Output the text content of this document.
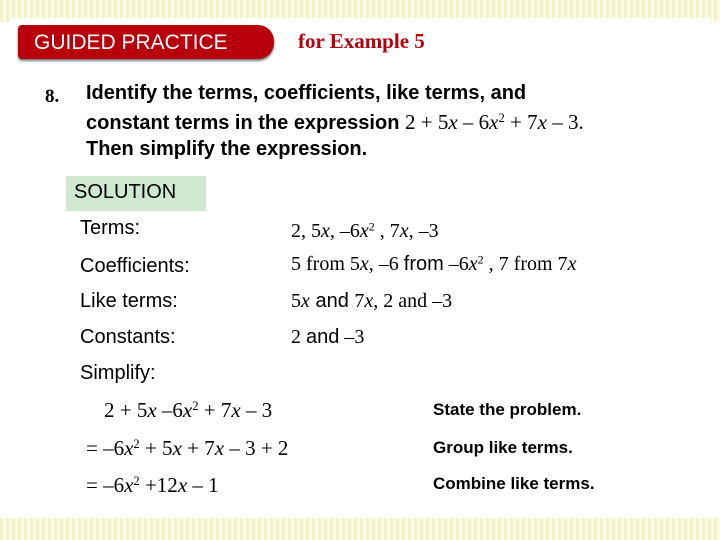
GUIDED PRACTICE	for Example 5
8. Identify the terms, coefficients, like terms, and
constant terms in the expression $2 + 5x - 6x^2 + 7x - 3$.
Then simplify the expression.
SOLUTION
Terms:	2, 5x, $-6x^2$ , 7x, –3
Coefficients:	5 from 5x, –6 from $-6x^2$ , 7 from 7x
Like terms:	5x and 7x, 2 and –3
Constants:	2 and –3
Simplify:
2 + 5x $-6x^2 + 7x - 3$	State the problem.
= $-6x^2 + 5x + 7x - 3 + 2$	Group like terms.
= $-6x^2 +12x - 1$	Combine like terms.
